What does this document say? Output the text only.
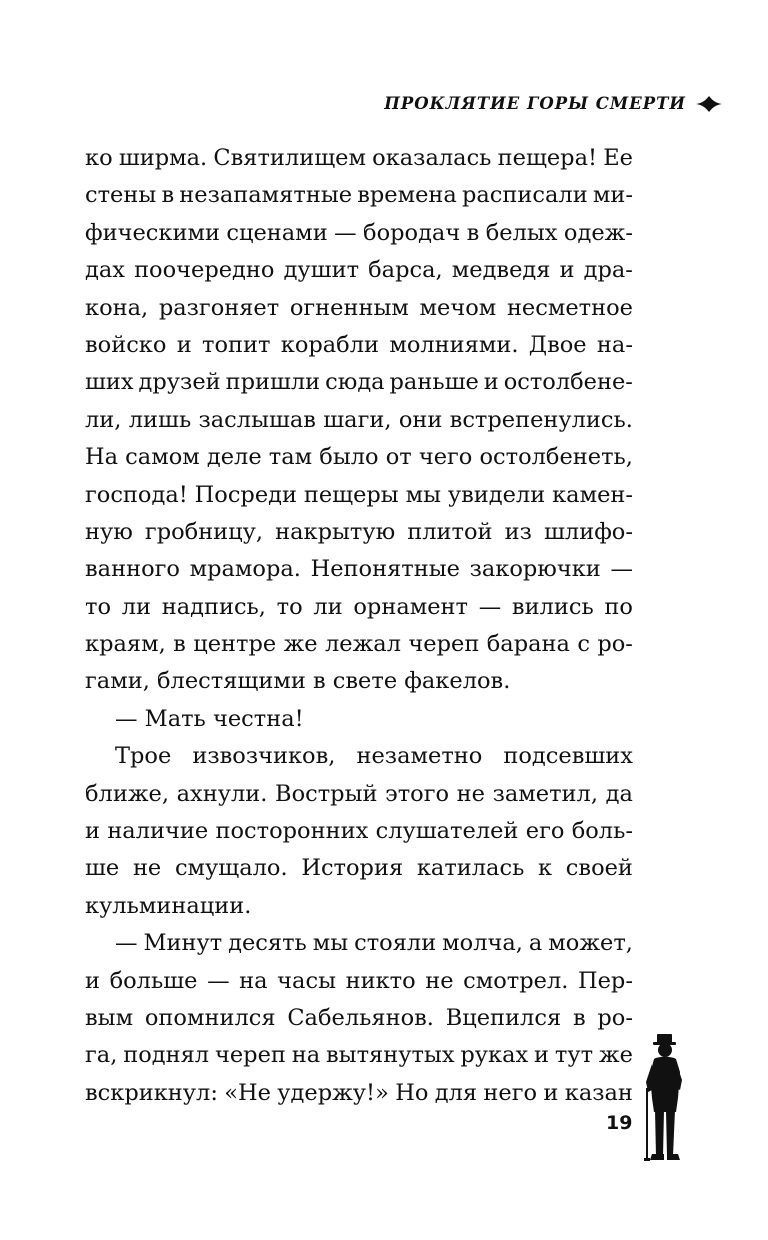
ПРОКЛЯТИЕ ГОРЫ СМЕРТИ
ко ширма. Святилищем оказалась пещера! Ее
стены в незапамятные времена расписали ми-
фическими сценами — бородач в белых одеж-
дах поочередно душит барса, медведя и дра-
кона, разгоняет огненным мечом несметное
войско и топит корабли молниями. Двое на-
ших друзей пришли сюда раньше и остолбене-
ли, лишь заслышав шаги, они встрепенулись.
На самом деле там было от чего остолбенеть,
господа! Посреди пещеры мы увидели камен-
ную гробницу, накрытую плитой из шлифо-
ванного мрамора. Непонятные закорючки —
то ли надпись, то ли орнамент — вились по
краям, в центре же лежал череп барана с ро-
гами, блестящими в свете факелов.
— Мать честна!
Трое извозчиков, незаметно подсевших
ближе, ахнули. Вострый этого не заметил, да
и наличие посторонних слушателей его боль-
ше не смущало. История катилась к своей
кульминации.
— Минут десять мы стояли молча, а может,
и больше — на часы никто не смотрел. Пер-
вым опомнился Сабельянов. Вцепился в ро-
га, поднял череп на вытянутых руках и тут же
вскрикнул: «Не удержу!» Но для него и казан
19
